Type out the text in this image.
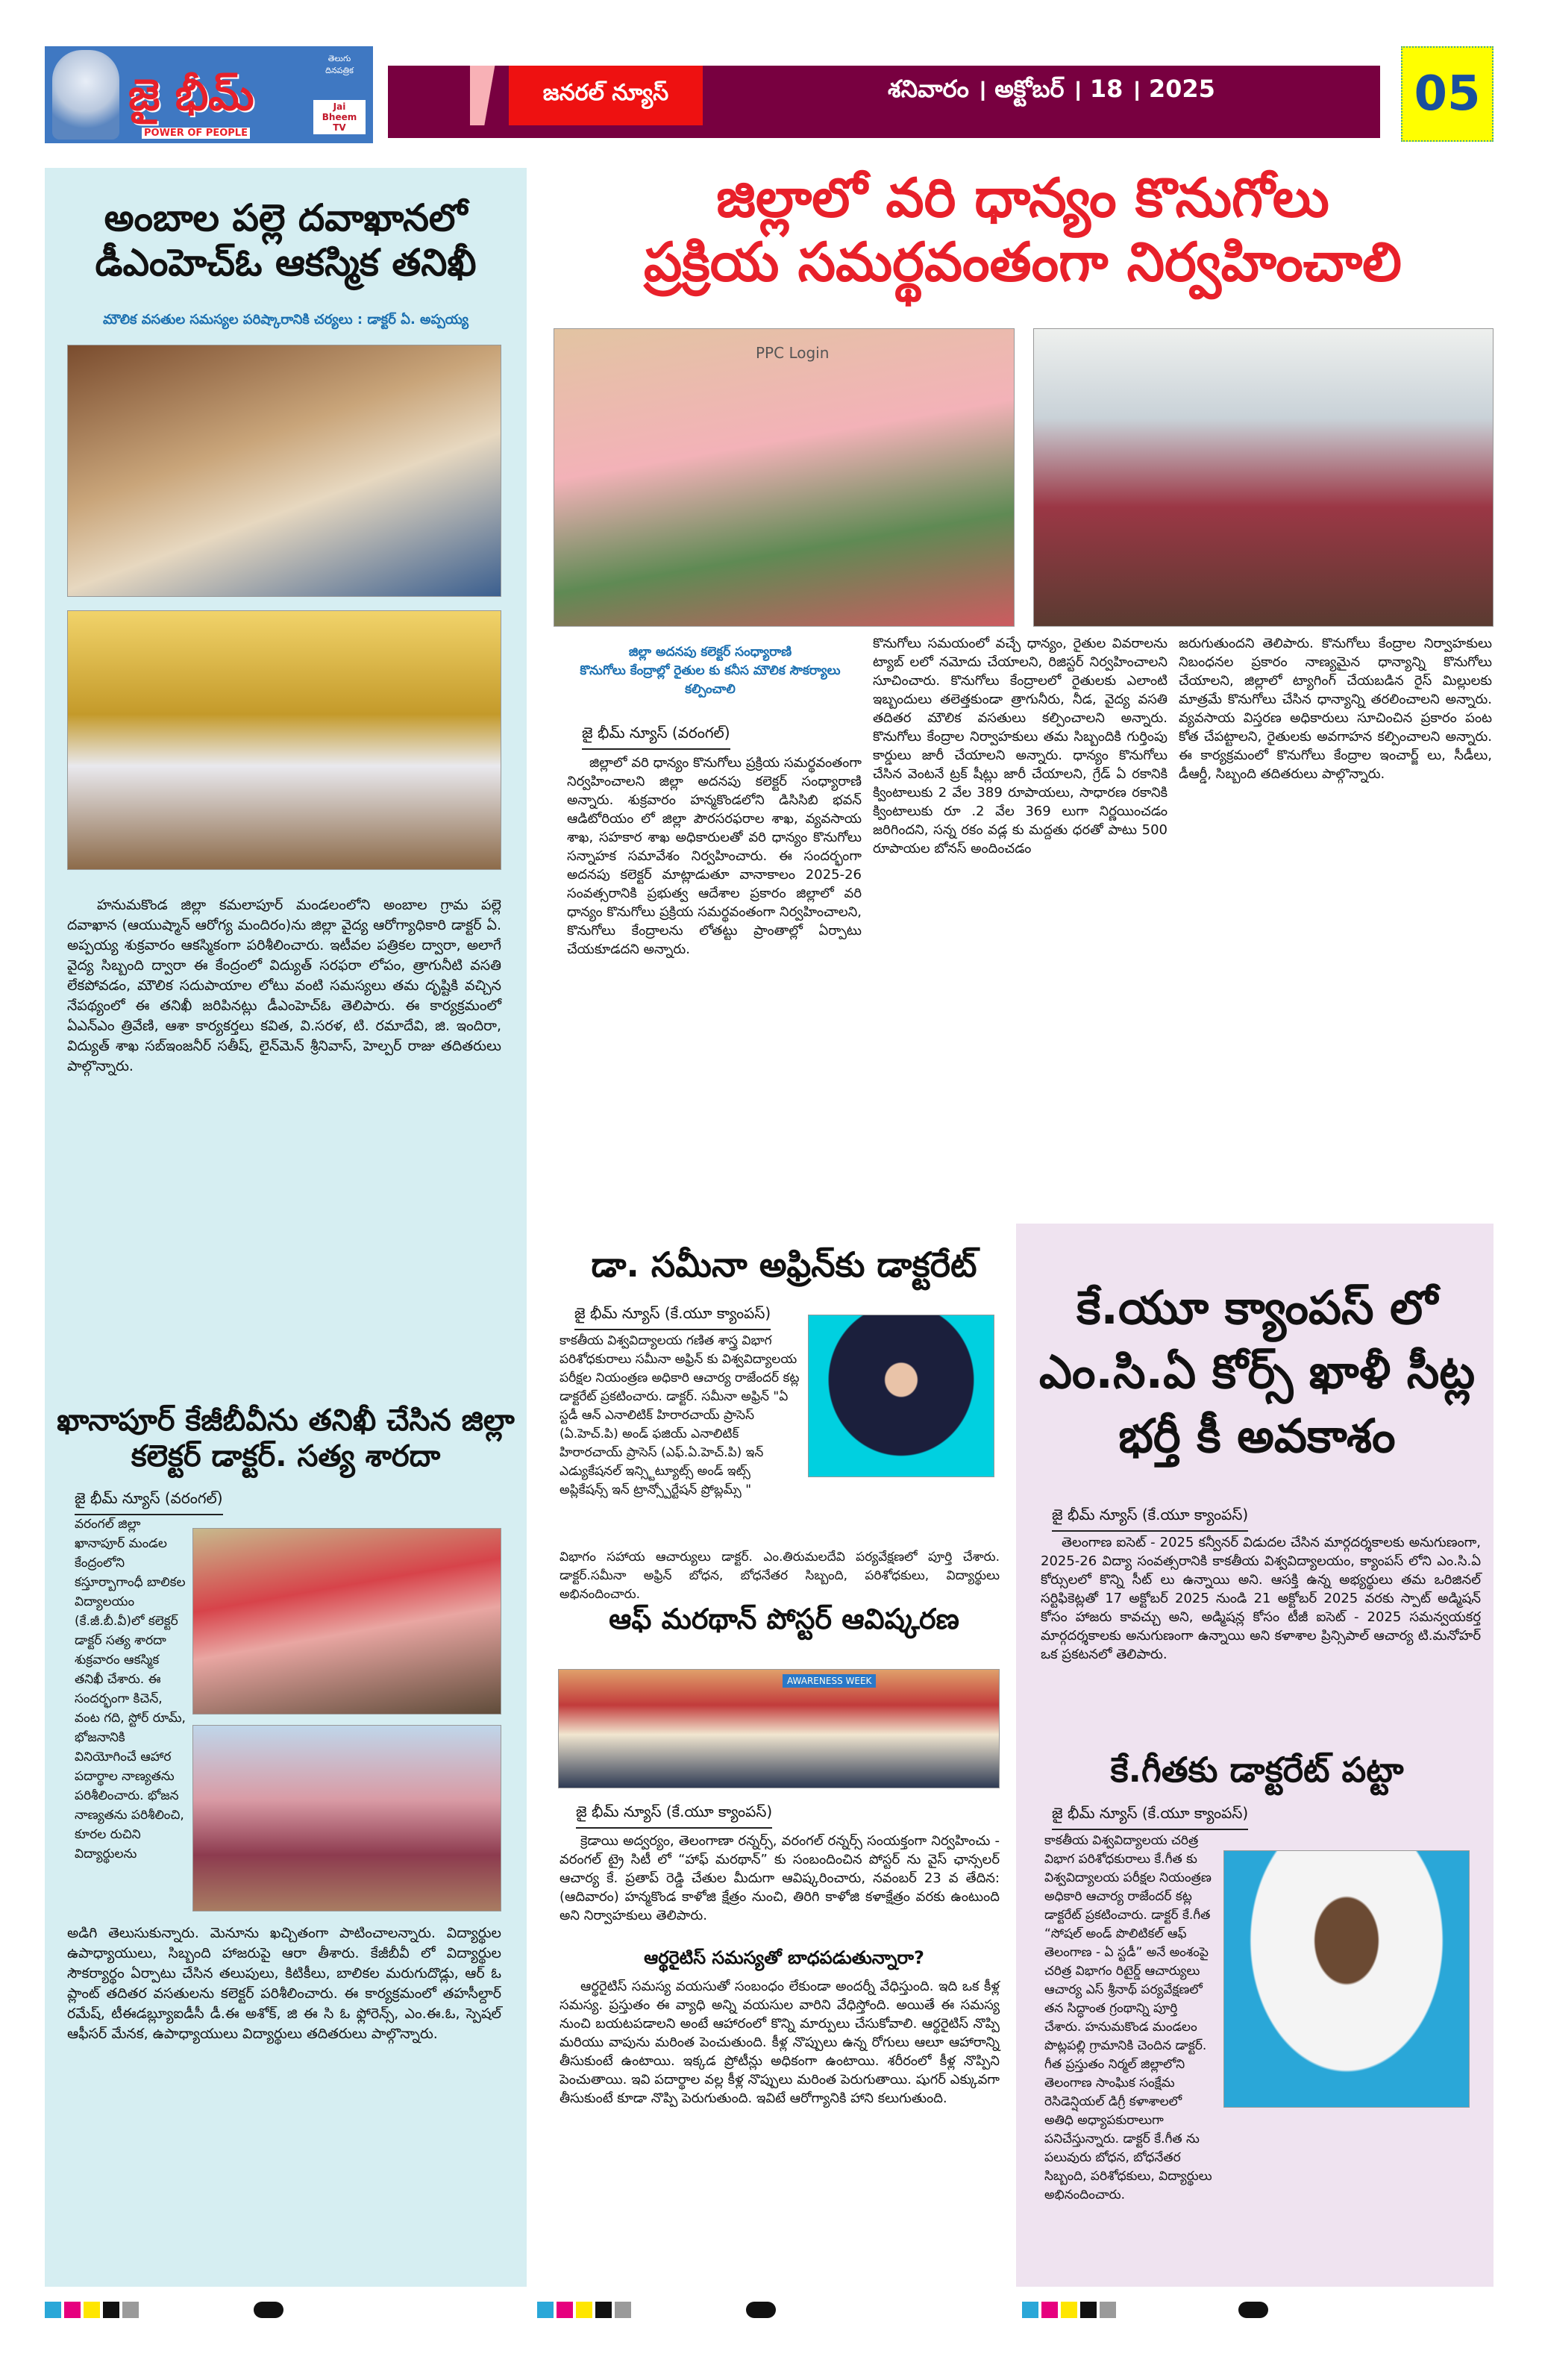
జై భీమ్
POWER OF PEOPLE
తెలుగు దినపత్రిక
Jai Bheem TV
జనరల్ న్యూస్	శనివారం । అక్టోబర్ । 18 । 2025	05
అంబాల పల్లె దవాఖానలో డీఎంహెచ్ఓ ఆకస్మిక తనిఖీ
మౌలిక వసతుల సమస్యల పరిష్కారానికి చర్యలు : డాక్టర్ ఏ. అప్పయ్య
హనుమకొండ జిల్లా కమలాపూర్ మండలంలోని అంబాల గ్రామ పల్లె దవాఖాన (ఆయుష్మాన్ ఆరోగ్య మందిరం)ను జిల్లా వైద్య ఆరోగ్యాధికారి డాక్టర్ ఏ. అప్పయ్య శుక్రవారం ఆకస్మికంగా పరిశీలించారు. ఇటీవల పత్రికల ద్వారా, అలాగే వైద్య సిబ్బంది ద్వారా ఈ కేంద్రంలో విద్యుత్ సరఫరా లోపం, త్రాగునీటి వసతి లేకపోవడం, మౌలిక సదుపాయాల లోటు వంటి సమస్యలు తమ దృష్టికి వచ్చిన నేపథ్యంలో ఈ తనిఖీ జరిపినట్లు డీఎంహెచ్ఓ తెలిపారు. ఈ కార్యక్రమంలో ఏఎన్ఎం త్రివేణి, ఆశా కార్యకర్తలు కవిత, వి.సరళ, టి. రమాదేవి, జి. ఇందిరా, విద్యుత్ శాఖ సబ్‌ఇంజనీర్ సతీష్, లైన్‌మెన్ శ్రీనివాస్, హెల్పర్ రాజు తదితరులు పాల్గొన్నారు.
ఖానాపూర్ కేజీబీవీను తనిఖీ చేసిన జిల్లా కలెక్టర్ డాక్టర్. సత్య శారదా
జై భీమ్ న్యూస్ (వరంగల్)
వరంగల్ జిల్లా ఖానాపూర్ మండల కేంద్రంలోని కస్తూర్బాగాంధీ బాలికల విద్యాలయం (కే.జీ.బీ.వీ)లో కలెక్టర్ డాక్టర్ సత్య శారదా శుక్రవారం ఆకస్మిక తనిఖీ చేశారు. ఈ సందర్భంగా కిచెన్, వంట గది, స్టోర్ రూమ్, భోజనానికి వినియోగించే ఆహార పదార్థాల నాణ్యతను పరిశీలించారు. భోజన నాణ్యతను పరిశీలించి, కూరల రుచిని విద్యార్థులను
అడిగి తెలుసుకున్నారు. మెనూను ఖచ్చితంగా పాటించాలన్నారు. విద్యార్థుల ఉపాధ్యాయులు, సిబ్బంది హాజరుపై ఆరా తీశారు. కేజీబీవీ లో విద్యార్థుల సౌకర్యార్థం ఏర్పాటు చేసిన తలుపులు, కిటికీలు, బాలికల మరుగుదొడ్లు, ఆర్ ఓ ప్లాంట్ తదితర వసతులను కలెక్టర్ పరిశీలించారు. ఈ కార్యక్రమంలో తహసీల్దార్ రమేష్, టీఈడబ్ల్యూఐడీసీ డీ.ఈ అశోక్, జి ఈ సి ఓ ఫ్లోరెన్స్, ఎం.ఈ.ఓ, స్పెషల్ ఆఫీసర్ మేనక, ఉపాధ్యాయులు విద్యార్థులు తదితరులు పాల్గొన్నారు.
జిల్లాలో వరి ధాన్యం కొనుగోలు
ప్రక్రియ సమర్థవంతంగా నిర్వహించాలి
PPC Login
జిల్లా అదనపు కలెక్టర్ సంధ్యారాణి
కొనుగోలు కేంద్రాల్లో రైతుల కు కనీస మౌలిక సౌకర్యాలు కల్పించాలి
జై భీమ్ న్యూస్ (వరంగల్)
జిల్లాలో వరి ధాన్యం కొనుగోలు ప్రక్రియ సమర్థవంతంగా నిర్వహించాలని జిల్లా అదనపు కలెక్టర్ సంధ్యారాణి అన్నారు. శుక్రవారం హన్మకొండలోని డిసిసిబి భవన్ ఆడిటోరియం లో జిల్లా పౌరసరఫరాల శాఖ, వ్యవసాయ శాఖ, సహకార శాఖ అధికారులతో వరి ధాన్యం కొనుగోలు సన్నాహక సమావేశం నిర్వహించారు. ఈ సందర్భంగా అదనపు కలెక్టర్ మాట్లాడుతూ వానాకాలం 2025-26 సంవత్సరానికి ప్రభుత్వ ఆదేశాల ప్రకారం జిల్లాలో వరి ధాన్యం కొనుగోలు ప్రక్రియ సమర్థవంతంగా నిర్వహించాలని, కొనుగోలు కేంద్రాలను లోతట్టు ప్రాంతాల్లో ఏర్పాటు చేయకూడదని అన్నారు.
కొనుగోలు సమయంలో వచ్చే ధాన్యం, రైతుల వివరాలను ట్యాబ్ లలో నమోదు చేయాలని, రిజిస్టర్ నిర్వహించాలని సూచించారు. కొనుగోలు కేంద్రాలలో రైతులకు ఎలాంటి ఇబ్బందులు తలెత్తకుండా త్రాగునీరు, నీడ, వైద్య వసతి తదితర మౌలిక వసతులు కల్పించాలని అన్నారు. కొనుగోలు కేంద్రాల నిర్వాహకులు తమ సిబ్బందికి గుర్తింపు కార్డులు జారీ చేయాలని అన్నారు. ధాన్యం కొనుగోలు చేసిన వెంటనే ట్రక్ షీట్లు జారీ చేయాలని, గ్రేడ్ ఏ రకానికి క్వింటాలుకు 2 వేల 389 రూపాయలు, సాధారణ రకానికి క్వింటాలుకు రూ .2 వేల 369 లుగా నిర్ణయించడం జరిగిందని, సన్న రకం వడ్ల కు మద్దతు ధరతో పాటు 500 రూపాయల బోనస్ అందించడం
జరుగుతుందని తెలిపారు. కొనుగోలు కేంద్రాల నిర్వాహకులు నిబంధనల ప్రకారం నాణ్యమైన ధాన్యాన్ని కొనుగోలు చేయాలని, జిల్లాలో ట్యాగింగ్ చేయబడిన రైస్ మిల్లులకు మాత్రమే కొనుగోలు చేసిన ధాన్యాన్ని తరలించాలని అన్నారు. వ్యవసాయ విస్తరణ అధికారులు సూచించిన ప్రకారం పంట కోత చేపట్టాలని, రైతులకు అవగాహన కల్పించాలని అన్నారు. ఈ కార్యక్రమంలో కొనుగోలు కేంద్రాల ఇంచార్జ్ లు, సీడీలు, డీఆర్డీ, సిబ్బంది తదితరులు పాల్గొన్నారు.
డా. సమీనా అఫ్రిన్‌కు డాక్టరేట్
జై భీమ్ న్యూస్ (కే.యూ క్యాంపస్)
కాకతీయ విశ్వవిద్యాలయ గణిత శాస్త్ర విభాగ పరిశోధకురాలు సమీనా అఫ్రిన్ కు విశ్వవిద్యాలయ పరీక్షల నియంత్రణ అధికారి ఆచార్య రాజేందర్ కట్ల డాక్టరేట్ ప్రకటించారు. డాక్టర్. సమీనా అఫ్రిన్ "ఏ స్టడీ ఆన్ ఎనాలిటిక్ హిరారచాయ్ ప్రాసెస్ (ఏ.హెచ్.పి) అండ్ ఫజియ్ ఎనాలిటిక్ హిరారచాయ్ ప్రాసెస్ (ఎఫ్.ఏ.హెచ్.పి) ఇన్ ఎడ్యుకేషనల్ ఇన్స్టిట్యూట్స్ అండ్ ఇట్స్ అప్లికేషన్స్ ఇన్ ట్రాన్స్పోర్టేషన్ ప్రోబ్లమ్స్ "
విభాగం సహాయ ఆచార్యులు డాక్టర్. ఎం.తిరుమలదేవి పర్యవేక్షణలో పూర్తి చేశారు. డాక్టర్.సమీనా అఫ్రిన్ బోధన, బోధనేతర సిబ్బంది, పరిశోధకులు, విద్యార్థులు అభినందించారు.
ఆఫ్ మరథాన్ పోస్టర్ ఆవిష్కరణ
AWARENESS WEEK
జై భీమ్ న్యూస్ (కే.యూ క్యాంపస్)
క్రెడాయి అద్వర్యం, తెలంగాణా రన్నర్స్, వరంగల్ రన్నర్స్ సంయక్తంగా నిర్వహించు - వరంగల్ ట్రై సిటీ లో “హాఫ్ మరథాన్” కు సంబందించిన పోస్టర్ ను వైస్ ఛాన్సలర్ ఆచార్య కే. ప్రతాప్ రెడ్డి చేతుల మీదుగా ఆవిష్కరించారు, నవంబర్ 23 వ తేదిన: (ఆదివారం) హన్మకొండ కాళోజి క్షేత్రం నుంచి, తిరిగి కాళోజి కళాక్షేత్రం వరకు ఉంటుంది అని నిర్వాహకులు తెలిపారు.
ఆర్థరైటిస్ సమస్యతో బాధపడుతున్నారా?
ఆర్థరైటిస్ సమస్య వయసుతో సంబంధం లేకుండా అందర్నీ వేధిస్తుంది. ఇది ఒక కీళ్ల సమస్య. ప్రస్తుతం ఈ వ్యాధి అన్ని వయసుల వారిని వేధిస్తోంది. అయితే ఈ సమస్య నుంచి బయటపడాలని అంటే ఆహారంలో కొన్ని మార్పులు చేసుకోవాలి. ఆర్థరైటిస్ నొప్పి మరియు వాపును మరింత పెంచుతుంది. కీళ్ల నొప్పులు ఉన్న రోగులు ఆలూ ఆహారాన్ని తీసుకుంటే ఉంటాయి. ఇక్కడ ప్రోటీన్లు అధికంగా ఉంటాయి. శరీరంలో కీళ్ల నొప్పిని పెంచుతాయి. ఇవి పదార్థాల వల్ల కీళ్ల నొప్పులు మరింత పెరుగుతాయి. షుగర్ ఎక్కువగా తీసుకుంటే కూడా నొప్పి పెరుగుతుంది. ఇవిటే ఆరోగ్యానికి హాని కలుగుతుంది.
కే.యూ క్యాంపస్ లో ఎం.సి.ఏ కోర్స్ ఖాళీ సీట్ల భర్తీ కీ అవకాశం
జై భీమ్ న్యూస్ (కే.యూ క్యాంపస్)
తెలంగాణ ఐసెట్ - 2025 కన్వీనర్ విడుదల చేసిన మార్గదర్శకాలకు అనుగుణంగా, 2025-26 విద్యా సంవత్సరానికి కాకతీయ విశ్వవిద్యాలయం, క్యాంపస్ లోని ఎం.సి.ఏ కోర్సులలో కొన్ని సీట్ లు ఉన్నాయి అని. ఆసక్తి ఉన్న అభ్యర్థులు తమ ఒరిజినల్ సర్టిఫికెట్లతో 17 అక్టోబర్ 2025 నుండి 21 అక్టోబర్ 2025 వరకు స్పాట్ అడ్మిషన్ కోసం హాజరు కావచ్చు అని, అడ్మిషన్ల కోసం టీజీ ఐసెట్ - 2025 సమన్వయకర్త మార్గదర్శకాలకు అనుగుణంగా ఉన్నాయి అని కళాశాల ప్రిన్సిపాల్ ఆచార్య టి.మనోహర్ ఒక ప్రకటనలో తెలిపారు.
కే.గీతకు డాక్టరేట్ పట్టా
జై భీమ్ న్యూస్ (కే.యూ క్యాంపస్)
కాకతీయ విశ్వవిద్యాలయ చరిత్ర విభాగ పరిశోధకురాలు కే.గీత కు విశ్వవిద్యాలయ పరీక్షల నియంత్రణ అధికారి ఆచార్య రాజేందర్ కట్ల డాక్టరేట్ ప్రకటించారు. డాక్టర్ కే.గీత “సోషల్ అండ్ పొలిటికల్ ఆఫ్ తెలంగాణ - ఏ స్టడీ” అనే అంశంపై చరిత్ర విభాగం రిటైర్డ్ ఆచార్యులు ఆచార్య ఎస్ శ్రీనాథ్ పర్యవేక్షణలో తన సిద్ధాంత గ్రంథాన్ని పూర్తి చేశారు. హనుమకొండ మండలం పొట్లపల్లి గ్రామానికి చెందిన డాక్టర్. గీత ప్రస్తుతం నిర్మల్ జిల్లాలోని తెలంగాణ సాంఘిక సంక్షేమ రెసిడెన్షియల్ డిగ్రీ కళాశాలలో అతిధి అధ్యాపకురాలుగా పనిచేస్తున్నారు. డాక్టర్ కే.గీత ను పలువురు బోధన, బోధనేతర సిబ్బంది, పరిశోధకులు, విద్యార్థులు అభినందించారు.
